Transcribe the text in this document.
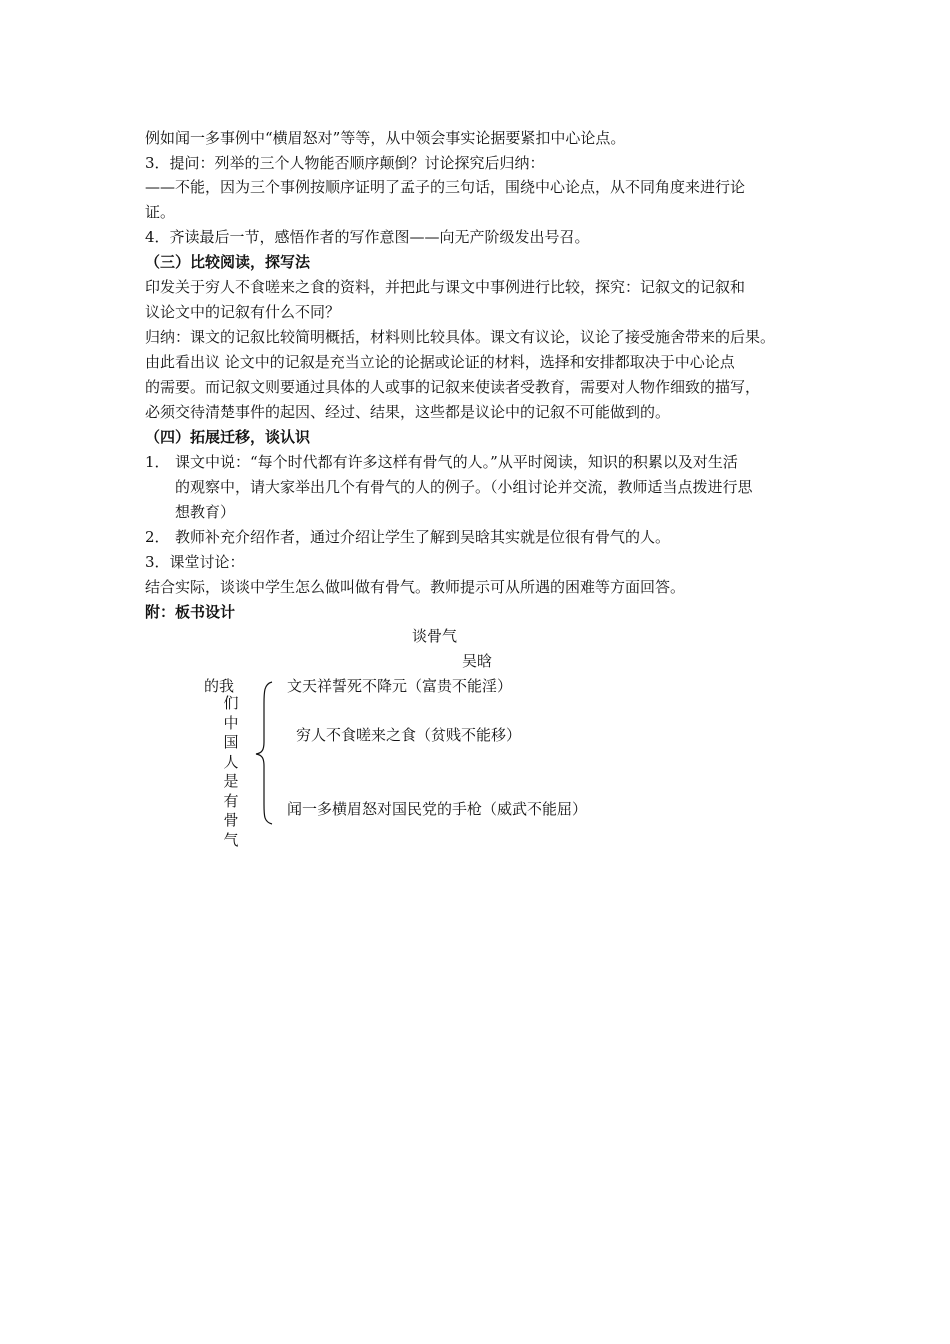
例如闻一多事例中“横眉怒对”等等，从中领会事实论据要紧扣中心论点。
3．提问：列举的三个人物能否顺序颠倒？讨论探究后归纳：
——不能，因为三个事例按顺序证明了孟子的三句话，围绕中心论点，从不同角度来进行论
证。
4．齐读最后一节，感悟作者的写作意图——向无产阶级发出号召。
（三）比较阅读，探写法
印发关于穷人不食嗟来之食的资料，并把此与课文中事例进行比较，探究：记叙文的记叙和
议论文中的记叙有什么不同？
归纳：课文的记叙比较简明概括，材料则比较具体。课文有议论，议论了接受施舍带来的后果。
由此看出议 论文中的记叙是充当立论的论据或论证的材料，选择和安排都取决于中心论点
的需要。而记叙文则要通过具体的人或事的记叙来使读者受教育，需要对人物作细致的描写，
必须交待清楚事件的起因、经过、结果，这些都是议论中的记叙不可能做到的。
（四）拓展迁移，谈认识
1． 课文中说：“每个时代都有许多这样有骨气的人。”从平时阅读，知识的积累以及对生活
的观察中，请大家举出几个有骨气的人的例子。（小组讨论并交流，教师适当点拨进行思
想教育）
2． 教师补充介绍作者，通过介绍让学生了解到吴晗其实就是位很有骨气的人。
3．课堂讨论：
结合实际，谈谈中学生怎么做叫做有骨气。教师提示可从所遇的困难等方面回答。
附：板书设计
谈骨气
吴晗
的我
们中国人是有骨气
文天祥誓死不降元（富贵不能淫）
穷人不食嗟来之食（贫贱不能移）
闻一多横眉怒对国民党的手枪（威武不能屈）
